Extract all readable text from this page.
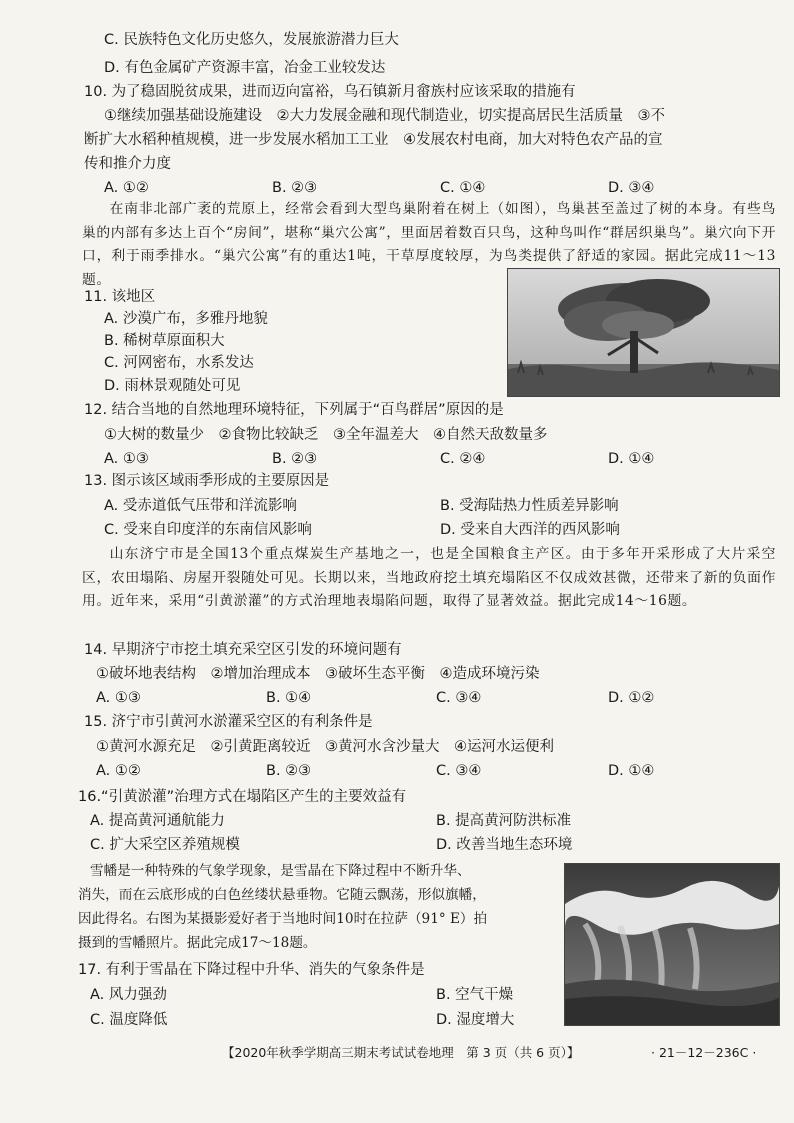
C. 民族特色文化历史悠久，发展旅游潜力巨大
D. 有色金属矿产资源丰富，冶金工业较发达
10. 为了稳固脱贫成果，进而迈向富裕，乌石镇新月畲族村应该采取的措施有
①继续加强基础设施建设　②大力发展金融和现代制造业，切实提高居民生活质量　③不
断扩大水稻种植规模，进一步发展水稻加工工业　④发展农村电商，加大对特色农产品的宣
传和推介力度
A. ①②	B. ②③	C. ①④	D. ③④
在南非北部广袤的荒原上，经常会看到大型鸟巢附着在树上（如图），鸟巢甚至盖过了树的本身。有些鸟巢的内部有多达上百个“房间”，堪称“巢穴公寓”，里面居着数百只鸟，这种鸟叫作“群居织巢鸟”。巢穴向下开口，利于雨季排水。“巢穴公寓”有的重达1吨，干草厚度较厚，为鸟类提供了舒适的家园。据此完成11～13题。
11. 该地区
A. 沙漠广布，多雅丹地貌
B. 稀树草原面积大
C. 河网密布，水系发达
D. 雨林景观随处可见
12. 结合当地的自然地理环境特征，下列属于“百鸟群居”原因的是
①大树的数量少　②食物比较缺乏　③全年温差大　④自然天敌数量多
A. ①③	B. ②③	C. ②④	D. ①④
13. 图示该区域雨季形成的主要原因是
A. 受赤道低气压带和洋流影响	B. 受海陆热力性质差异影响
C. 受来自印度洋的东南信风影响	D. 受来自大西洋的西风影响
山东济宁市是全国13个重点煤炭生产基地之一，也是全国粮食主产区。由于多年开采形成了大片采空区，农田塌陷、房屋开裂随处可见。长期以来，当地政府挖土填充塌陷区不仅成效甚微，还带来了新的负面作用。近年来，采用“引黄淤灌”的方式治理地表塌陷问题，取得了显著效益。据此完成14～16题。
14. 早期济宁市挖土填充采空区引发的环境问题有
①破坏地表结构　②增加治理成本　③破坏生态平衡　④造成环境污染
A. ①③	B. ①④	C. ③④	D. ①②
15. 济宁市引黄河水淤灌采空区的有利条件是
①黄河水源充足　②引黄距离较近　③黄河水含沙量大　④运河水运便利
A. ①②	B. ②③	C. ③④	D. ①④
16.“引黄淤灌”治理方式在塌陷区产生的主要效益有
A. 提高黄河通航能力	B. 提高黄河防洪标准
C. 扩大采空区养殖规模	D. 改善当地生态环境
雪幡是一种特殊的气象学现象，是雪晶在下降过程中不断升华、
消失，而在云底形成的白色丝缕状悬垂物。它随云飘荡，形似旗幡，
因此得名。右图为某摄影爱好者于当地时间10时在拉萨（91° E）拍
摄到的雪幡照片。据此完成17～18题。
17. 有利于雪晶在下降过程中升华、消失的气象条件是
A. 风力强劲	B. 空气干燥
C. 温度降低	D. 湿度增大
【2020年秋季学期高三期末考试试卷地理　第 3 页（共 6 页）】	· 21－12－236C ·
